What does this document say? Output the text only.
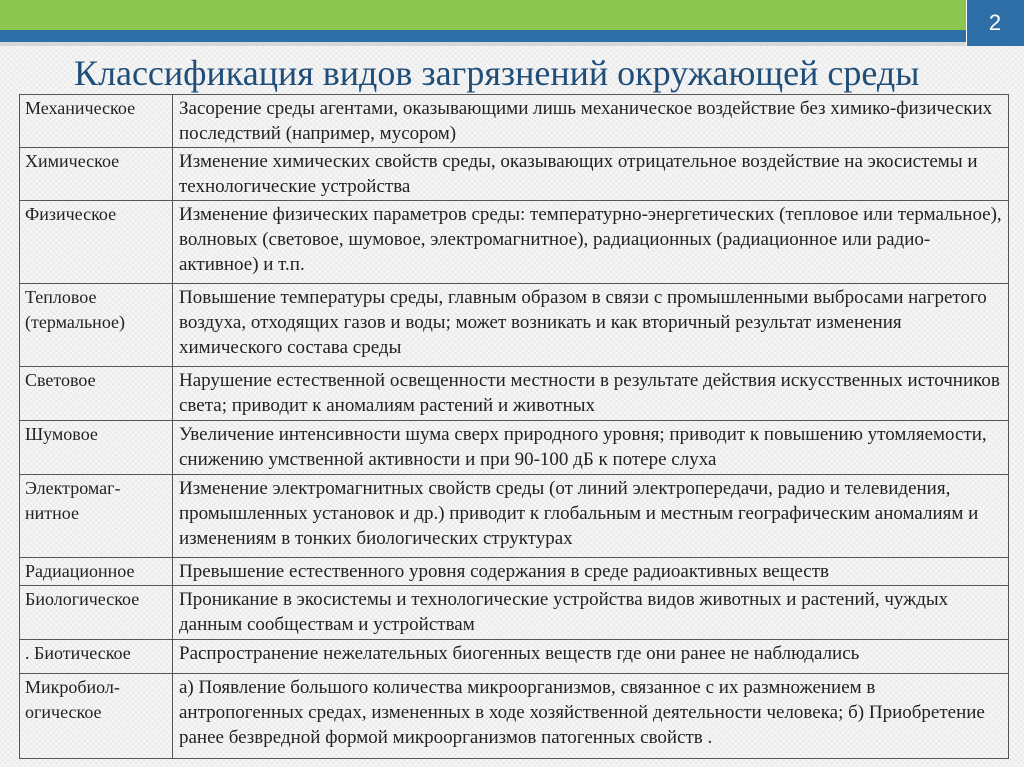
2
Классификация видов загрязнений окружающей среды
Механическое	Засорение среды агентами, оказывающими лишь механическое воздействие без химико-физических последствий (например, мусором)
Химическое	Изменение химических свойств среды, оказывающих отрицательное воздействие на экосистемы и технологические устройства
Физическое	Изменение физических параметров среды: температурно-энергетических (тепловое или термальное), волновых (световое, шумовое, электромагнитное), радиационных (радиационное или радио- активное) и т.п.
Тепловое (термальное)	Повышение температуры среды, главным образом в связи с промышленными выбросами нагретого воздуха, отходящих газов и воды; может возникать и как вторичный результат изменения химического состава среды
Световое	Нарушение естественной освещенности местности в результате действия искусственных источников света; приводит к аномалиям растений и животных
Шумовое	Увеличение интенсивности шума сверх природного уровня; приводит к повышению утомляемости, снижению умственной активности и при 90-100 дБ к потере слуха
Электромаг-нитное	Изменение электромагнитных свойств среды (от линий электропередачи, радио и телевидения, промышленных установок и др.) приводит к глобальным и местным географическим аномалиям и изменениям в тонких биологических структурах
Радиационное	Превышение естественного уровня содержания в среде радиоактивных веществ
Биологическое	Проникание в экосистемы и технологические устройства видов животных и растений, чуждых данным сообществам и устройствам
. Биотическое	Распространение нежелательных биогенных веществ где они ранее не наблюдались
Микробиол-огическое	а) Появление большого количества микроорганизмов, связанное с их размножением в антропогенных средах, измененных в ходе хозяйственной деятельности человека; б) Приобретение ранее безвредной формой микроорганизмов патогенных свойств .
